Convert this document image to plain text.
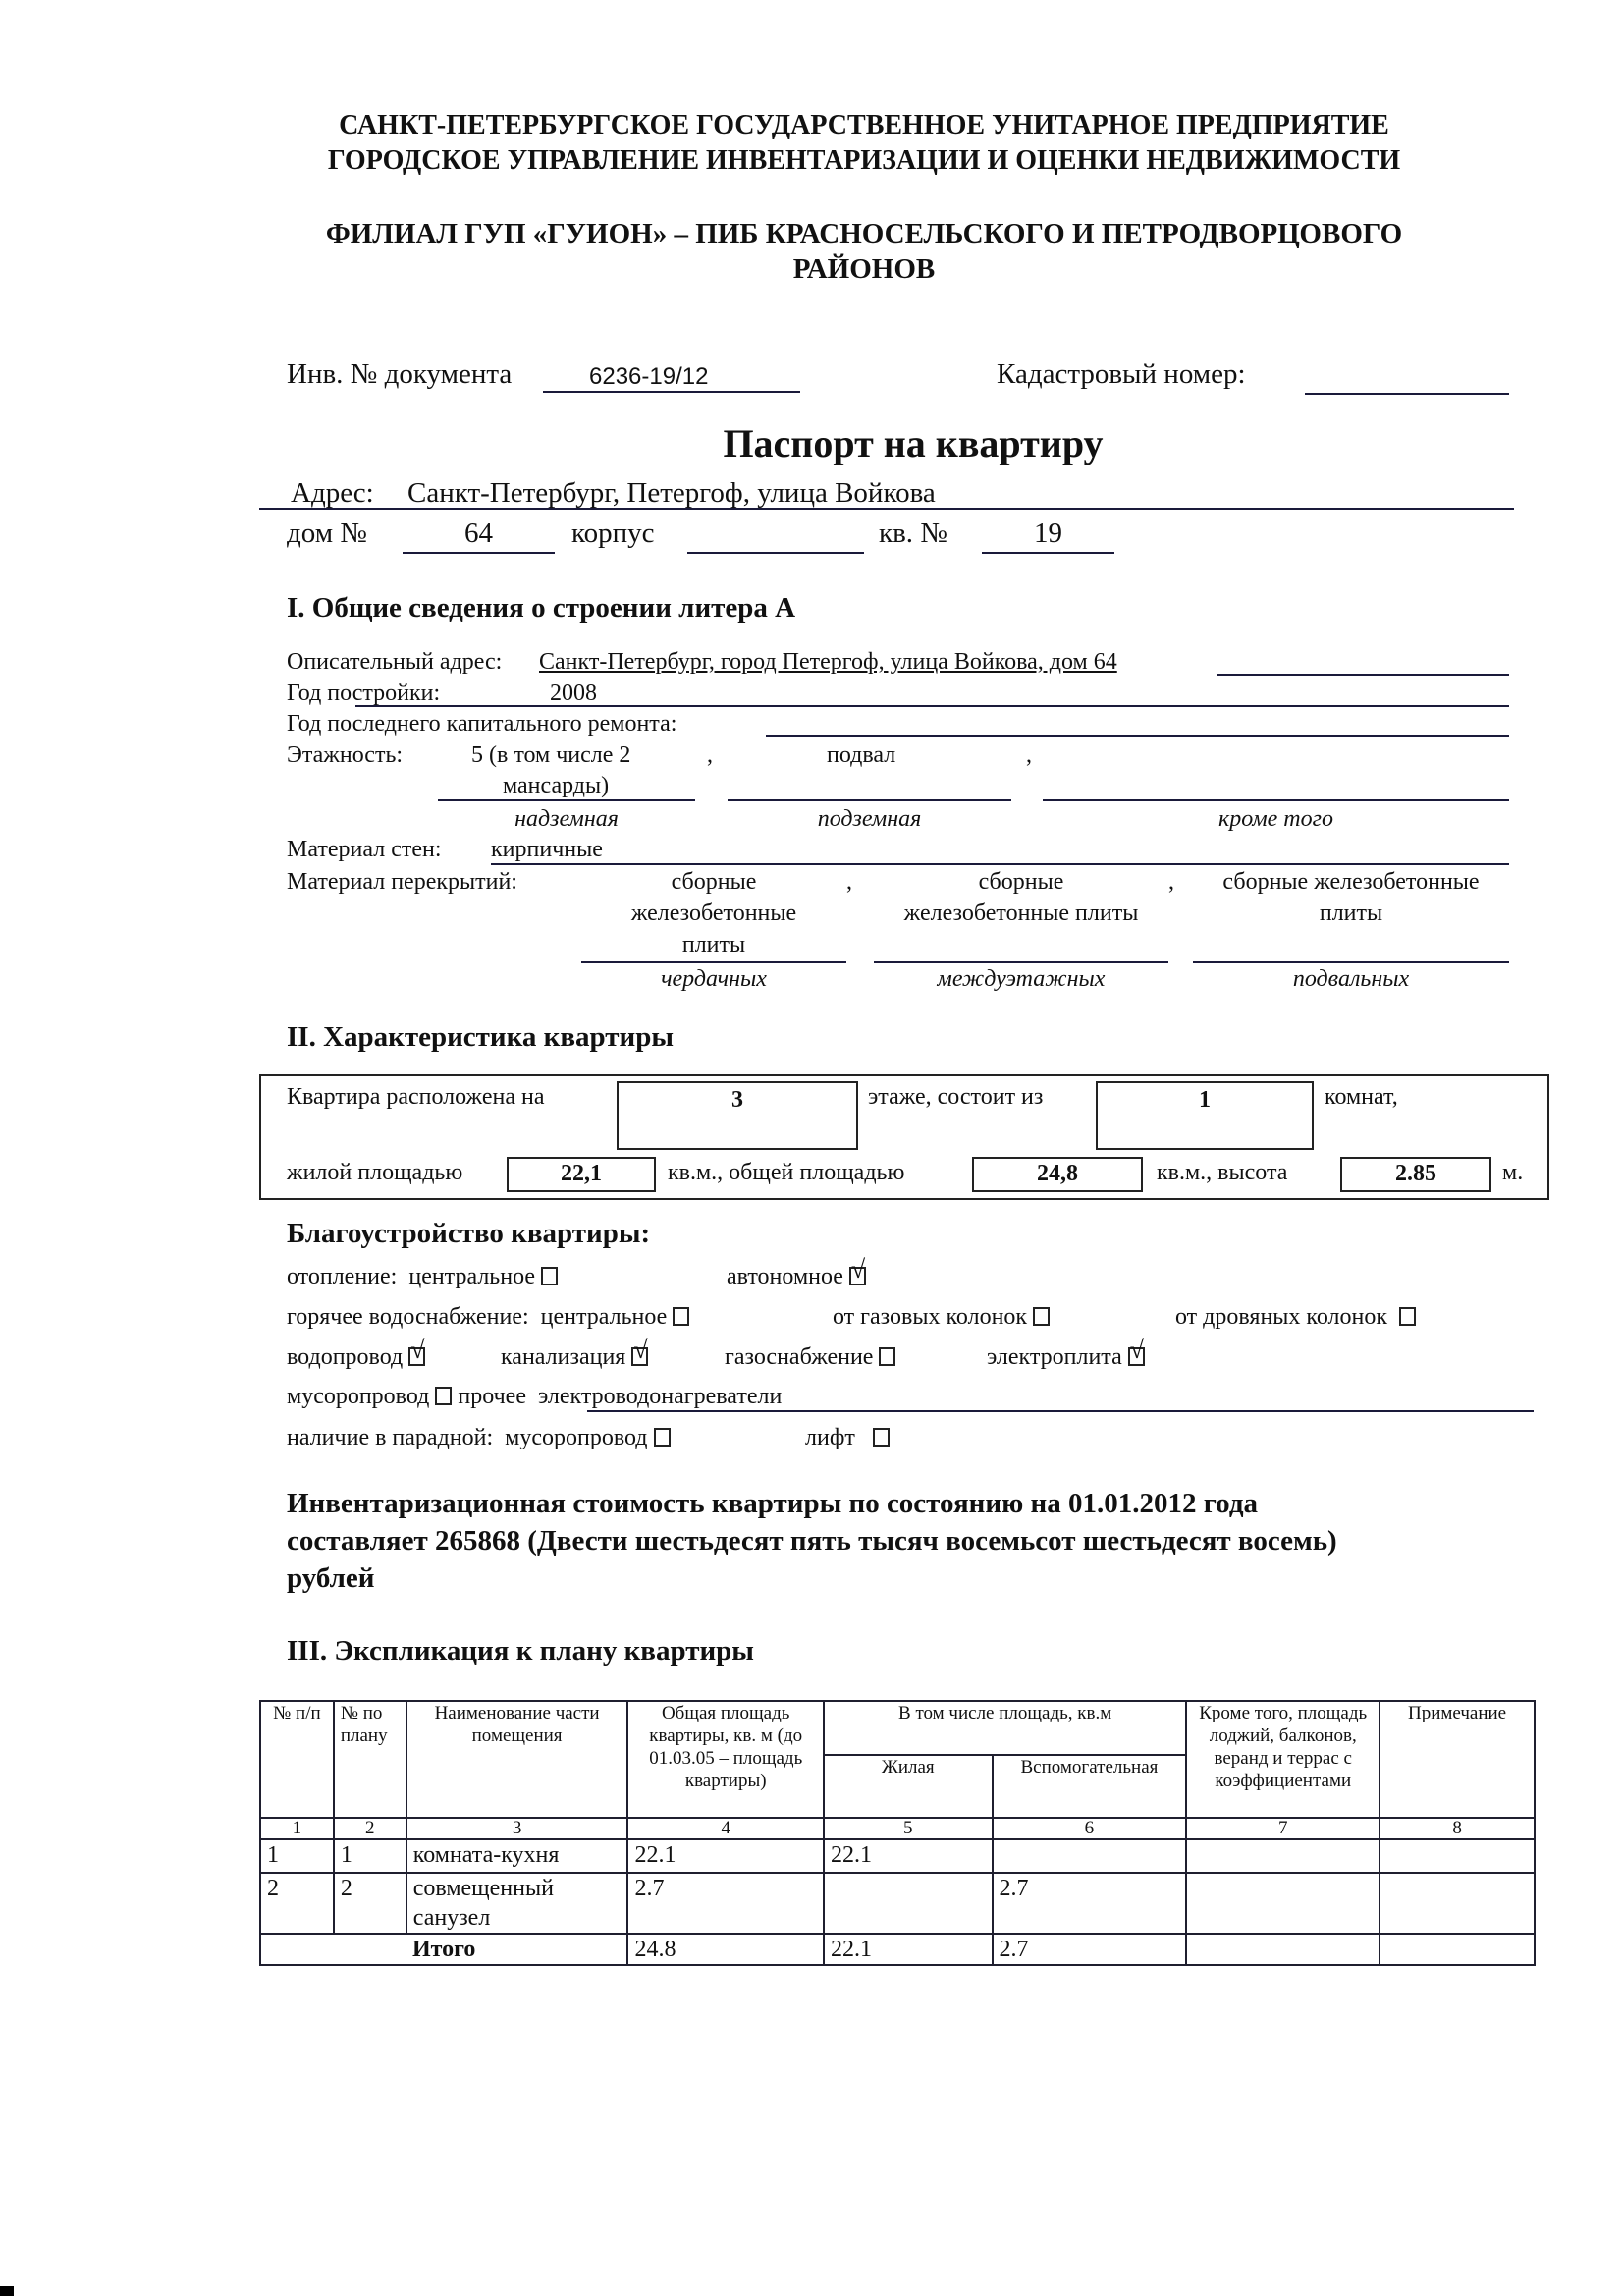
САНКТ-ПЕТЕРБУРГСКОЕ ГОСУДАРСТВЕННОЕ УНИТАРНОЕ ПРЕДПРИЯТИЕ
ГОРОДСКОЕ УПРАВЛЕНИЕ ИНВЕНТАРИЗАЦИИ И ОЦЕНКИ НЕДВИЖИМОСТИ
ФИЛИАЛ ГУП «ГУИОН» – ПИБ КРАСНОСЕЛЬСКОГО И ПЕТРОДВОРЦОВОГО
РАЙОНОВ
Инв. № документа	6236-19/12	Кадастровый номер:
Паспорт на квартиру
Адрес: Санкт-Петербург, Петергоф, улица Войкова
дом №	64	корпус	кв. №	19
I. Общие сведения о строении литера А
Описательный адрес: Санкт-Петербург, город Петергоф, улица Войкова, дом 64
Год постройки:	2008
Год последнего капитального ремонта:
Этажность:	5 (в том числе 2
мансарды)
,	подвал	,
надземная	подземная	кроме того
Материал стен: кирпичные
Материал перекрытий:	сборные
железобетонные
плиты
,	сборные
железобетонные плиты
,	сборные железобетонные
плиты
чердачных	междуэтажных	подвальных
II. Характеристика квартиры
Квартира расположена на	3	этаже, состоит из	1	комнат,
жилой площадью	22,1	кв.м., общей площадью	24,8	кв.м., высота	2.85	м.
Благоустройство квартиры:
отопление: центральное	автономное √
горячее водоснабжение: центральное	от газовых колонок	от дровяных колонок
водопровод √	канализация √	газоснабжение	электроплита √
мусоропровод прочее электроводонагреватели
наличие в парадной: мусоропровод	лифт
Инвентаризационная стоимость квартиры по состоянию на 01.01.2012 года
составляет 265868 (Двести шестьдесят пять тысяч восемьсот шестьдесят восемь)
рублей
III. Экспликация к плану квартиры
№ п/п	№ по плану	Наименование части помещения	Общая площадь квартиры, кв. м (до 01.03.05 – площадь квартиры)	В том числе площадь, кв.м		Кроме того, площадь лоджий, балконов, веранд и террас с коэффициентами	Примечание
				Жилая	Вспомогательная		
1	2	3	4	5	6	7	8
1	1	комната-кухня	22.1	22.1			
2	2	совмещенный санузел	2.7		2.7		
Итого			24.8	22.1	2.7		
